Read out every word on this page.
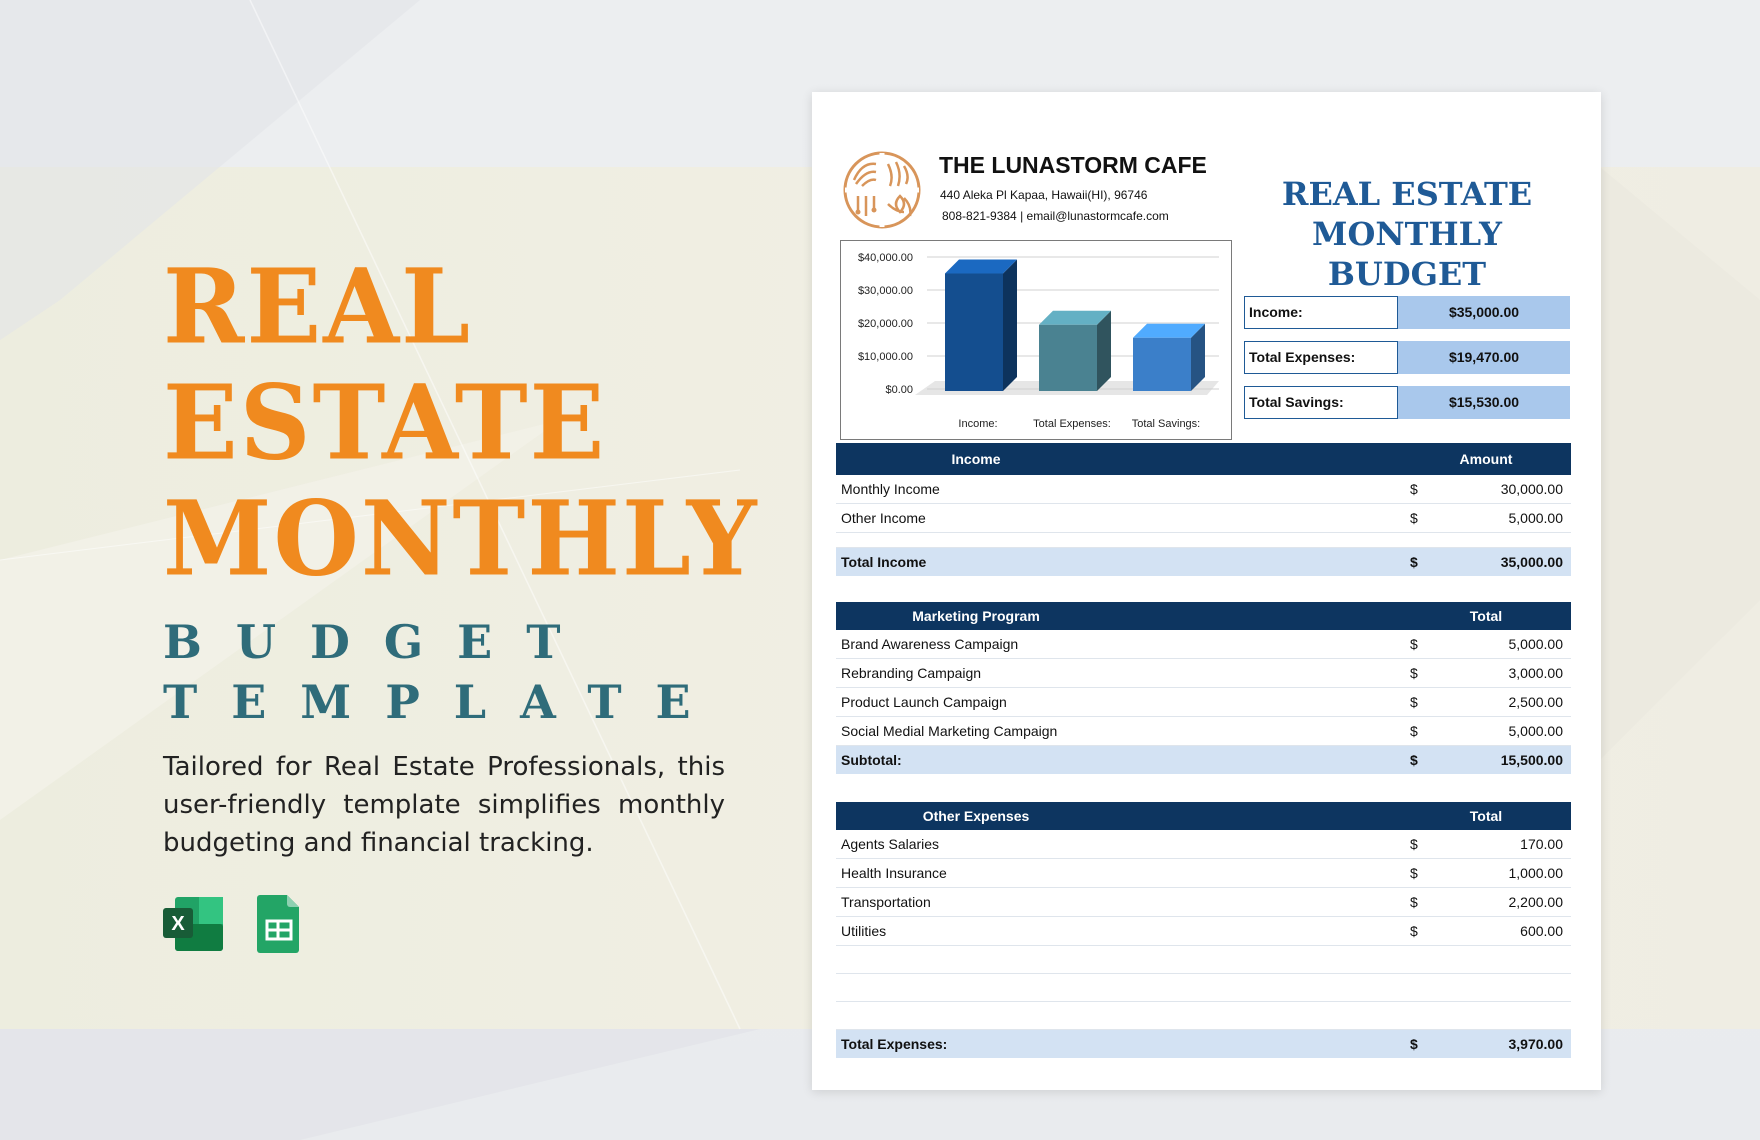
REAL
ESTATE
MONTHLY
BUDGET
TEMPLATE
Tailored for Real Estate Professionals, this user-friendly template simplifies monthly budgeting and financial tracking.
X
THE LUNASTORM CAFE
440 Aleka Pl Kapaa, Hawaii(HI), 96746
808-821-9384 | email@lunastormcafe.com
REAL ESTATE
MONTHLY BUDGET
$40,000.00
$30,000.00
$20,000.00
$10,000.00
$0.00
Income:	Total Expenses: Total Savings:
Income:	$35,000.00
Total Expenses:	$19,470.00
Total Savings:	$15,530.00
Income	Amount
Monthly Income	$	30,000.00
Other Income	$	5,000.00
Total Income	$	35,000.00
Marketing Program	Total
Brand Awareness Campaign	$	5,000.00
Rebranding Campaign	$	3,000.00
Product Launch Campaign	$	2,500.00
Social Medial Marketing Campaign	$	5,000.00
Subtotal:	$	15,500.00
Other Expenses	Total
Agents Salaries	$	170.00
Health Insurance	$	1,000.00
Transportation	$	2,200.00
Utilities	$	600.00
Total Expenses:	$	3,970.00
